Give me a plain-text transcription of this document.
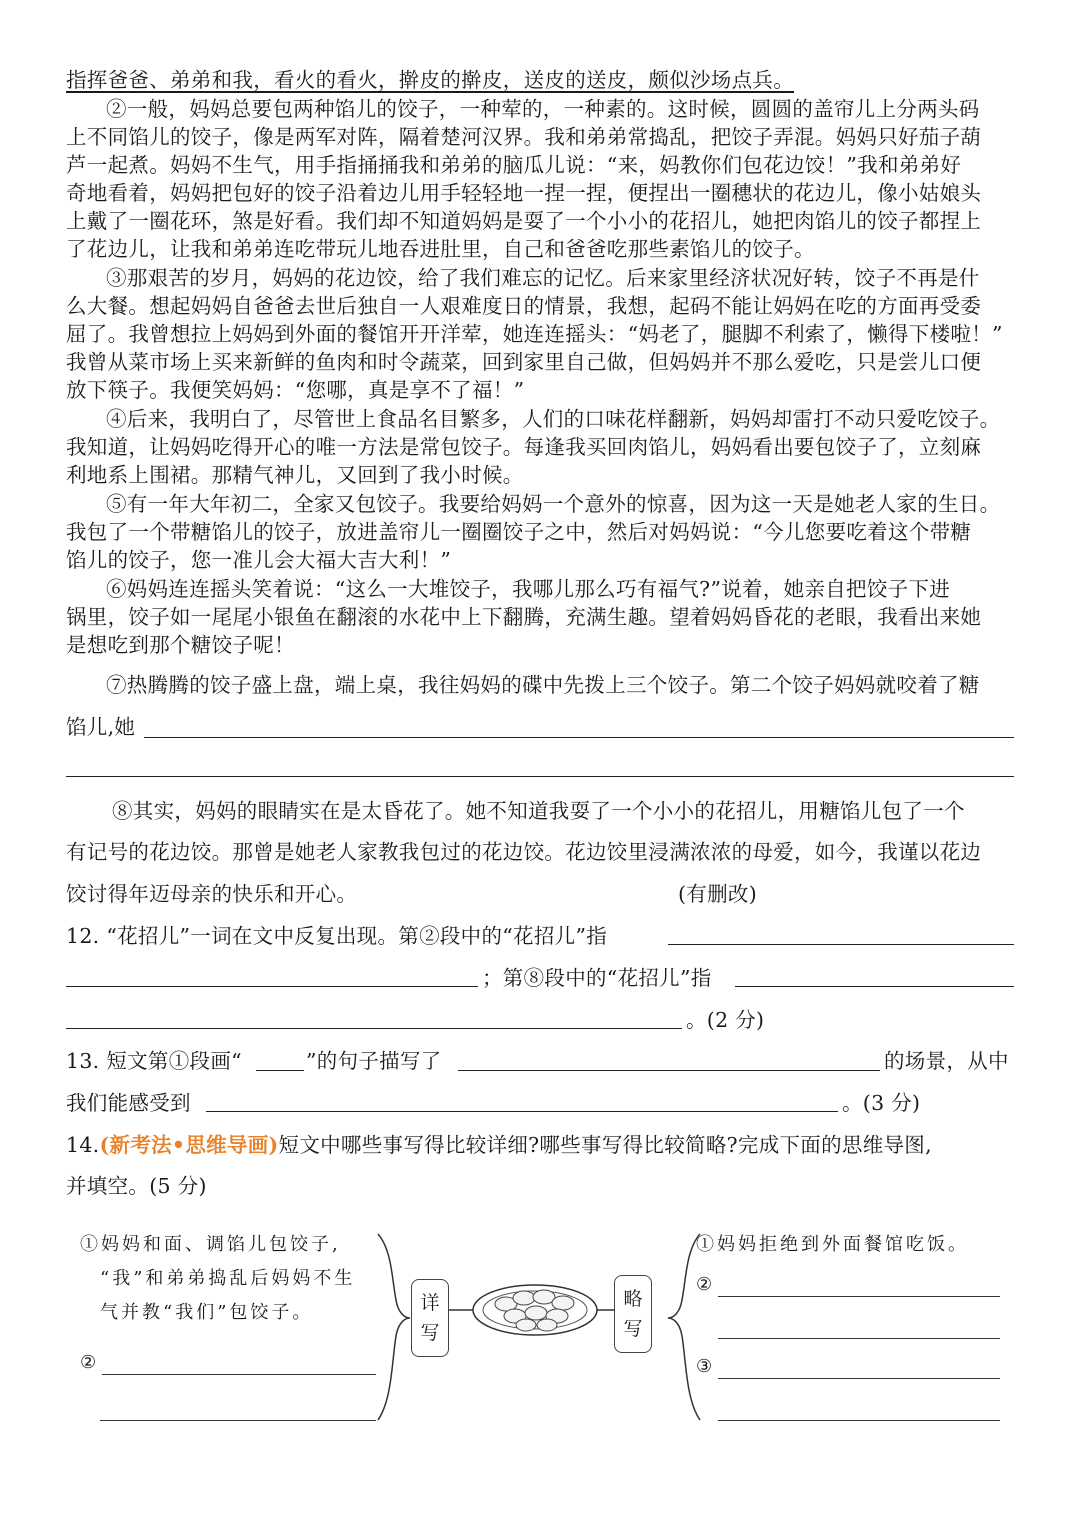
指挥爸爸、弟弟和我，看火的看火，擀皮的擀皮，送皮的送皮，颇似沙场点兵。
②一般，妈妈总要包两种馅儿的饺子，一种荤的，一种素的。这时候，圆圆的盖帘儿上分两头码
上不同馅儿的饺子，像是两军对阵，隔着楚河汉界。我和弟弟常捣乱，把饺子弄混。妈妈只好茄子葫
芦一起煮。妈妈不生气，用手指捅捅我和弟弟的脑瓜儿说：“来，妈教你们包花边饺！”我和弟弟好
奇地看着，妈妈把包好的饺子沿着边儿用手轻轻地一捏一捏，便捏出一圈穗状的花边儿，像小姑娘头
上戴了一圈花环，煞是好看。我们却不知道妈妈是耍了一个小小的花招儿，她把肉馅儿的饺子都捏上
了花边儿，让我和弟弟连吃带玩儿地吞进肚里，自己和爸爸吃那些素馅儿的饺子。
③那艰苦的岁月，妈妈的花边饺，给了我们难忘的记忆。后来家里经济状况好转，饺子不再是什
么大餐。想起妈妈自爸爸去世后独自一人艰难度日的情景，我想，起码不能让妈妈在吃的方面再受委
屈了。我曾想拉上妈妈到外面的餐馆开开洋荤，她连连摇头：“妈老了，腿脚不利索了，懒得下楼啦！”
我曾从菜市场上买来新鲜的鱼肉和时令蔬菜，回到家里自己做，但妈妈并不那么爱吃，只是尝儿口便
放下筷子。我便笑妈妈：“您哪，真是享不了福！”
④后来，我明白了，尽管世上食品名目繁多，人们的口味花样翻新，妈妈却雷打不动只爱吃饺子。
我知道，让妈妈吃得开心的唯一方法是常包饺子。每逢我买回肉馅儿，妈妈看出要包饺子了，立刻麻
利地系上围裙。那精气神儿，又回到了我小时候。
⑤有一年大年初二，全家又包饺子。我要给妈妈一个意外的惊喜，因为这一天是她老人家的生日。
我包了一个带糖馅儿的饺子，放进盖帘儿一圈圈饺子之中，然后对妈妈说：“今儿您要吃着这个带糖
馅儿的饺子，您一准儿会大福大吉大利！”
⑥妈妈连连摇头笑着说：“这么一大堆饺子，我哪儿那么巧有福气?”说着，她亲自把饺子下进
锅里，饺子如一尾尾小银鱼在翻滚的水花中上下翻腾，充满生趣。望着妈妈昏花的老眼，我看出来她
是想吃到那个糖饺子呢！
⑦热腾腾的饺子盛上盘，端上桌，我往妈妈的碟中先拨上三个饺子。第二个饺子妈妈就咬着了糖
馅儿,她
⑧其实，妈妈的眼睛实在是太昏花了。她不知道我耍了一个小小的花招儿，用糖馅儿包了一个
有记号的花边饺。那曾是她老人家教我包过的花边饺。花边饺里浸满浓浓的母爱，如今，我谨以花边
饺讨得年迈母亲的快乐和开心。	(有删改)
12. “花招儿”一词在文中反复出现。第②段中的“花招儿”指
；第⑧段中的“花招儿”指
。(2 分)
13. 短文第①段画“	”的句子描写了	的场景，从中
我们能感受到	。(3 分)
14.(新考法•思维导画)短文中哪些事写得比较详细?哪些事写得比较简略?完成下面的思维导图,
并填空。(5 分)
①妈妈和面、调馅儿包饺子,
“我”和弟弟捣乱后妈妈不生
气并教“我们”包饺子。
②
详
写
略
写
①妈妈拒绝到外面餐馆吃饭。
②
③
